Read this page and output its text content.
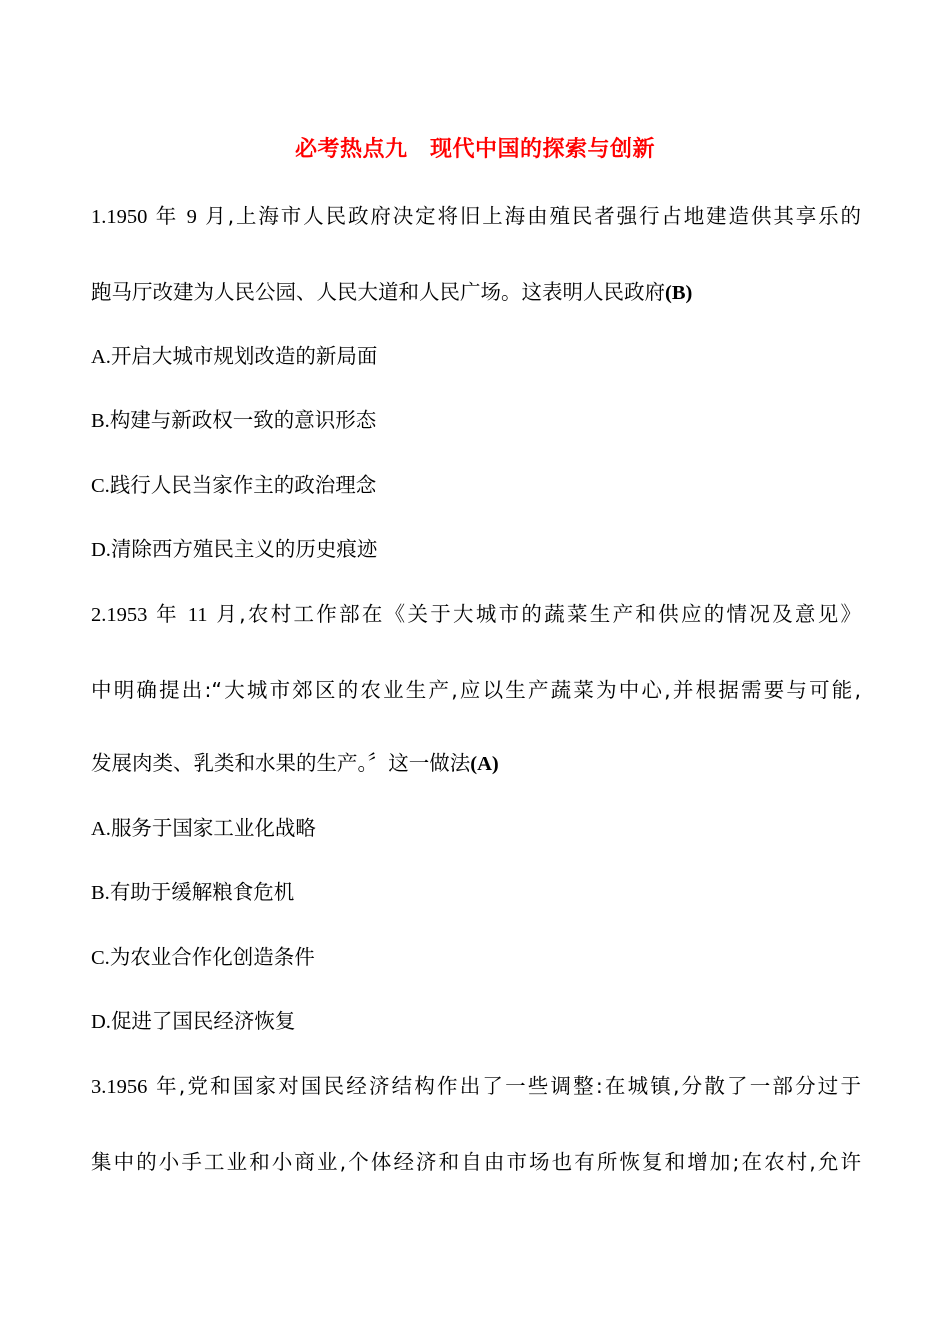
必考热点九　现代中国的探索与创新
1.1950 年 9 月,上海市人民政府决定将旧上海由殖民者强行占地建造供其享乐的
跑马厅改建为人民公园、人民大道和人民广场。这表明人民政府(B)
A.开启大城市规划改造的新局面
B.构建与新政权一致的意识形态
C.践行人民当家作主的政治理念
D.清除西方殖民主义的历史痕迹
2.1953 年 11 月,农村工作部在《关于大城市的蔬菜生产和供应的情况及意见》
中明确提出:“大城市郊区的农业生产,应以生产蔬菜为中心,并根据需要与可能,
发展肉类、乳类和水果的生产。〞这一做法(A)
A.服务于国家工业化战略
B.有助于缓解粮食危机
C.为农业合作化创造条件
D.促进了国民经济恢复
3.1956 年,党和国家对国民经济结构作出了一些调整:在城镇,分散了一部分过于
集中的小手工业和小商业,个体经济和自由市场也有所恢复和增加;在农村,允许
